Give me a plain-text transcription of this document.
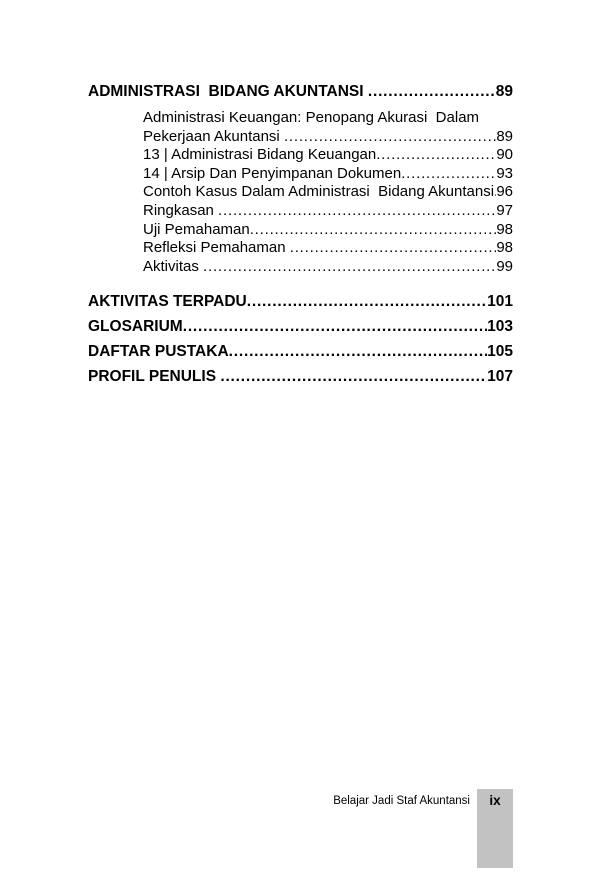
ADMINISTRASI  BIDANG AKUNTANSI .....	89
Administrasi Keuangan: Penopang Akurasi  Dalam
Pekerjaan Akuntansi .....	89
13 | Administrasi Bidang Keuangan .....	90
14 | Arsip Dan Penyimpanan Dokumen .....	93
Contoh Kasus Dalam Administrasi  Bidang Akuntansi ..... 96
Ringkasan .....	97
Uji Pemahaman .....	98
Refleksi Pemahaman .....	98
Aktivitas .....	99
AKTIVITAS TERPADU .....	101
GLOSARIUM .....	103
DAFTAR PUSTAKA .....	105
PROFIL PENULIS .....	107
Belajar Jadi Staf Akuntansi	ix
